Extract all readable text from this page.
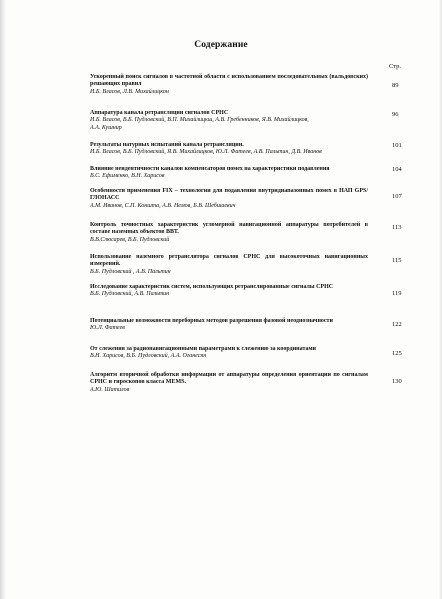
Содержание
Стр.
Ускоренный поиск сигналов в частотной области с использованием последовательных (вальдовских) решающих правил
И.Б. Власов, Л.В. Михайлицкон
89
Аппаратура канала ретрансляции сигналов СРНС
И.Б. Власов, В.Б. Пудловский, В.П. Михайлицкш, А.В. Гребенников, Я.В. Михайлицков,
А.А. Кушнир
96
Результаты натурных испытаний канала ретрансляции.
И.Б. Власов, В.Б. Пудловский, Я.В. Михайлицков, Ю.Л. Фатеев, А.В. Пальтин, Д.В. Иванов
101
Влияние неидентичности каналов компенсаторов помех на характеристики подавления
В.С. Ефименко, В.Н. Харисов
104
Особенности применения FIX – технологии для подавления внутридиапазонных помех в НАП GPS/ГЛОНАСС
А.М. Иванов, С.П. Коншта, А.В. Немов, Б.В. Шебшаевич
107
Контроль точностных характеристик угломерной навигационной аппаратуры потребителей в составе наземных объектов ВВТ.
В.В.Слюсарев, В.Б. Пудловский
113
Использование наземного ретранслятора сигналов СРНС для высокоточных навигационных измерений.
В.Б. Пудловский , А.В. Пальтин
115
Исследование характеристик систем, использующих ретранслированные сигналы СРНС
В.Б. Пудловский, А.В. Пальтин	119
Потенциальные возможности переборных методов разрешения фазовой неоднозначности
Ю.Л. Фатеев
122
От слежения за радионавигационными параметрами к слежению за координатами
В.Н. Харисов, В.Б. Пудловский, А.А. Оганесян	125
Алгоритм вторичной обработки информации от аппаратуры определения ориентации по сигналам СРНС и гироскопов класса MEMS.
А.Ю. Шатилов
130
